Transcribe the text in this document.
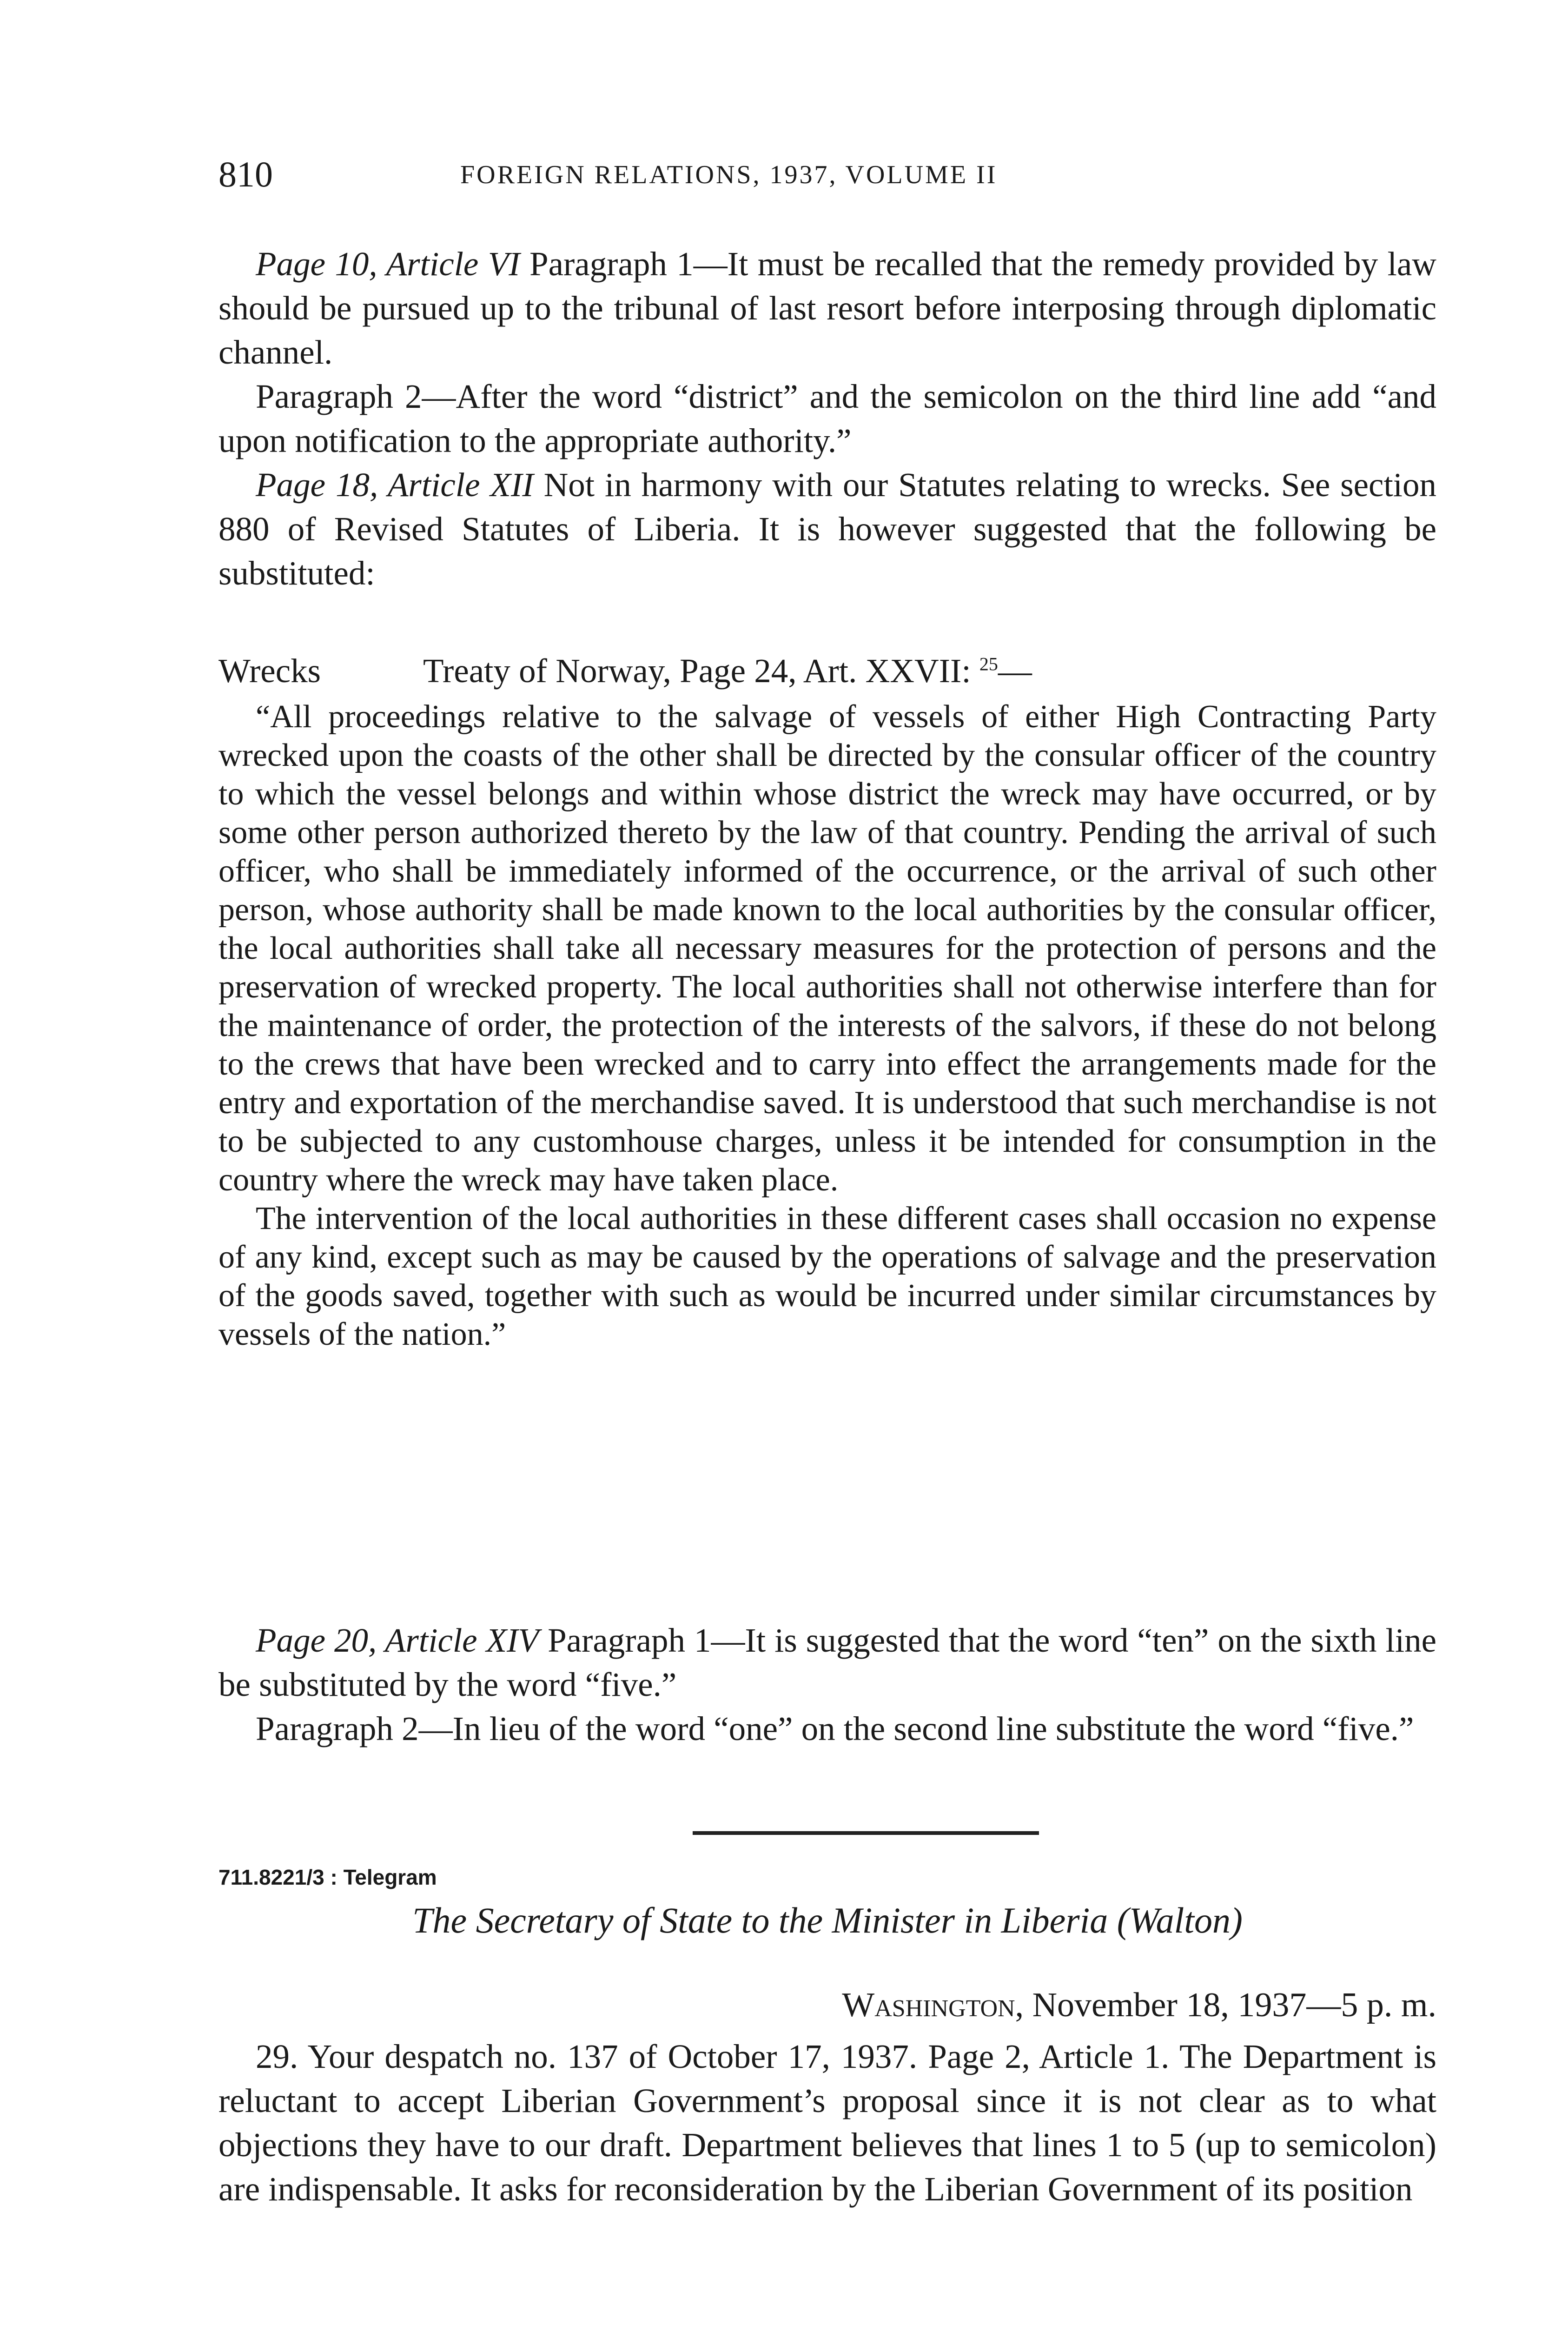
810	FOREIGN RELATIONS, 1937, VOLUME II

Page 10, Article VI Paragraph 1—It must be recalled that the remedy provided by law should be pursued up to the tribunal of last resort before interposing through diplomatic channel.

Paragraph 2—After the word “district” and the semicolon on the third line add “and upon notification to the appropriate authority.”

Page 18, Article XII Not in harmony with our Statutes relating to wrecks. See section 880 of Revised Statutes of Liberia. It is however suggested that the following be substituted:

Wrecks	Treaty of Norway, Page 24, Art. XXVII: $^{25}$—

“All proceedings relative to the salvage of vessels of either High Contracting Party wrecked upon the coasts of the other shall be directed by the consular officer of the country to which the vessel belongs and within whose district the wreck may have occurred, or by some other person authorized thereto by the law of that country. Pending the arrival of such officer, who shall be immediately informed of the occurrence, or the arrival of such other person, whose authority shall be made known to the local authorities by the consular officer, the local authorities shall take all necessary measures for the protection of persons and the preservation of wrecked property. The local authorities shall not otherwise interfere than for the maintenance of order, the protection of the interests of the salvors, if these do not belong to the crews that have been wrecked and to carry into effect the arrangements made for the entry and exportation of the merchandise saved. It is understood that such merchandise is not to be subjected to any customhouse charges, unless it be intended for consumption in the country where the wreck may have taken place.

The intervention of the local authorities in these different cases shall occasion no expense of any kind, except such as may be caused by the operations of salvage and the preservation of the goods saved, together with such as would be incurred under similar circumstances by vessels of the nation.”

Page 20, Article XIV Paragraph 1—It is suggested that the word “ten” on the sixth line be substituted by the word “five.”

Paragraph 2—In lieu of the word “one” on the second line substitute the word “five.”

711.8221/3 : Telegram
The Secretary of State to the Minister in Liberia (Walton)
Washington, November 18, 1937—5 p. m.

29. Your despatch no. 137 of October 17, 1937. Page 2, Article 1. The Department is reluctant to accept Liberian Government’s proposal since it is not clear as to what objections they have to our draft. Department believes that lines 1 to 5 (up to semicolon) are indispensable. It asks for reconsideration by the Liberian Government of its position
